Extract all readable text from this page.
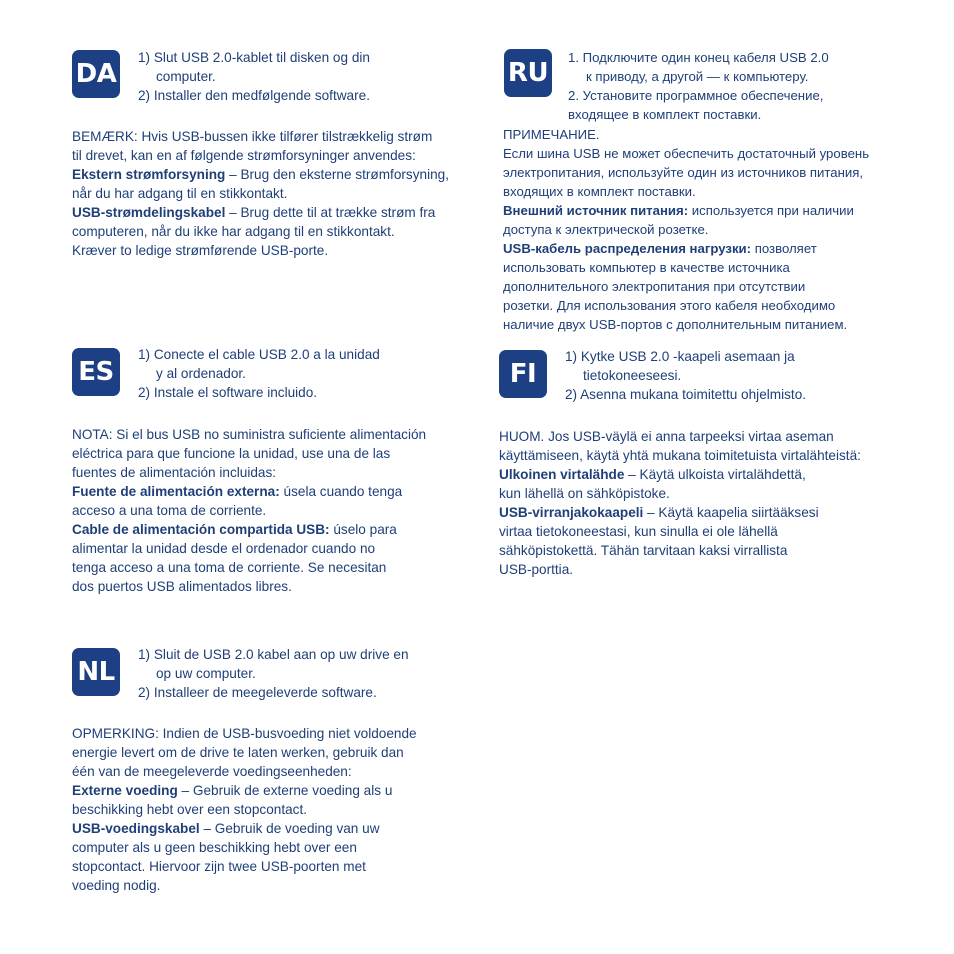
DA
1) Slut USB 2.0-kablet til disken og din
computer.
2) Installer den medfølgende software.
BEMÆRK: Hvis USB-bussen ikke tilfører tilstrækkelig strøm
til drevet, kan en af følgende strømforsyninger anvendes:
Ekstern strømforsyning – Brug den eksterne strømforsyning,
når du har adgang til en stikkontakt.
USB-strømdelingskabel – Brug dette til at trække strøm fra
computeren, når du ikke har adgang til en stikkontakt.
Kræver to ledige strømførende USB-porte.
RU
1. Подключите один конец кабеля USB 2.0
к приводу, а другой — к компьютеру.
2. Установите программное обеспечение,
входящее в комплект поставки.
ПРИМЕЧАНИЕ.
Если шина USB не может обеспечить достаточный уровень
электропитания, используйте один из источников питания,
входящих в комплект поставки.
Внешний источник питания: используется при наличии
доступа к электрической розетке.
USB-кабель распределения нагрузки: позволяет
использовать компьютер в качестве источника
дополнительного электропитания при отсутствии
розетки. Для использования этого кабеля необходимо
наличие двух USB-портов с дополнительным питанием.
ES
1) Conecte el cable USB 2.0 a la unidad
y al ordenador.
2) Instale el software incluido.
NOTA: Si el bus USB no suministra suficiente alimentación
eléctrica para que funcione la unidad, use una de las
fuentes de alimentación incluidas:
Fuente de alimentación externa: úsela cuando tenga
acceso a una toma de corriente.
Cable de alimentación compartida USB: úselo para
alimentar la unidad desde el ordenador cuando no
tenga acceso a una toma de corriente. Se necesitan
dos puertos USB alimentados libres.
FI
1) Kytke USB 2.0 -kaapeli asemaan ja
tietokoneeseesi.
2) Asenna mukana toimitettu ohjelmisto.
HUOM. Jos USB-väylä ei anna tarpeeksi virtaa aseman
käyttämiseen, käytä yhtä mukana toimitetuista virtalähteistä:
Ulkoinen virtalähde – Käytä ulkoista virtalähdettä,
kun lähellä on sähköpistoke.
USB-virranjakokaapeli – Käytä kaapelia siirtääksesi
virtaa tietokoneestasi, kun sinulla ei ole lähellä
sähköpistokettä. Tähän tarvitaan kaksi virrallista
USB-porttia.
NL
1) Sluit de USB 2.0 kabel aan op uw drive en
op uw computer.
2) Installeer de meegeleverde software.
OPMERKING: Indien de USB-busvoeding niet voldoende
energie levert om de drive te laten werken, gebruik dan
één van de meegeleverde voedingseenheden:
Externe voeding – Gebruik de externe voeding als u
beschikking hebt over een stopcontact.
USB-voedingskabel – Gebruik de voeding van uw
computer als u geen beschikking hebt over een
stopcontact. Hiervoor zijn twee USB-poorten met
voeding nodig.
